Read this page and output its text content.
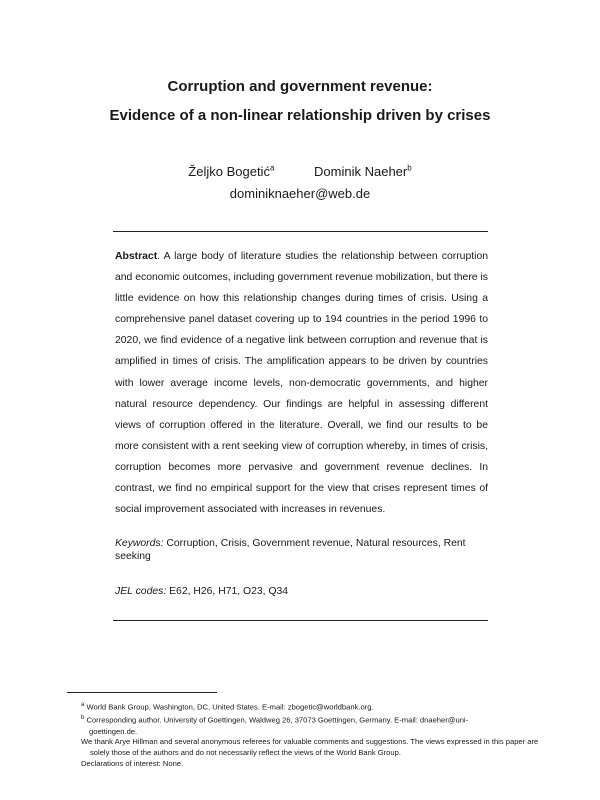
Corruption and government revenue:
Evidence of a non-linear relationship driven by crises
Željko Bogetić$^a$	Dominik Naeher$^b$
dominiknaeher@web.de

Abstract. A large body of literature studies the relationship between corruption and economic outcomes, including government revenue mobilization, but there is little evidence on how this relationship changes during times of crisis. Using a comprehensive panel dataset covering up to 194 countries in the period 1996 to 2020, we find evidence of a negative link between corruption and revenue that is amplified in times of crisis. The amplification appears to be driven by countries with lower average income levels, non-democratic governments, and higher natural resource dependency. Our findings are helpful in assessing different views of corruption offered in the literature. Overall, we find our results to be more consistent with a rent seeking view of corruption whereby, in times of crisis, corruption becomes more pervasive and government revenue declines. In contrast, we find no empirical support for the view that crises represent times of social improvement associated with increases in revenues.

Keywords: Corruption, Crisis, Government revenue, Natural resources, Rent seeking
JEL codes: E62, H26, H71, O23, Q34
$^a$ World Bank Group, Washington, DC, United States. E-mail: zbogetic@worldbank.org.
$^b$ Corresponding author. University of Goettingen, Waldweg 26, 37073 Goettingen, Germany. E-mail: dnaeher@uni-
goettingen.de.
We thank Arye Hillman and several anonymous referees for valuable comments and suggestions. The views expressed in this paper are solely those of the authors and do not necessarily reflect the views of the World Bank Group.
Declarations of interest: None.
